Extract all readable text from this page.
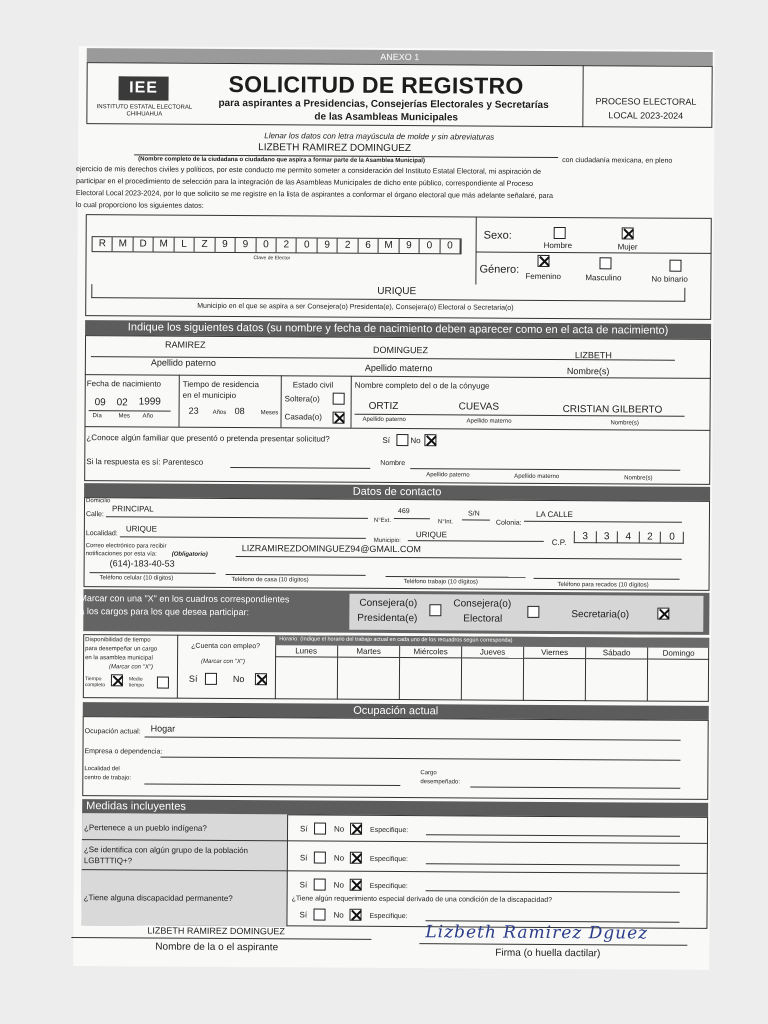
ANEXO 1
IEE
INSTITUTO ESTATAL ELECTORAL CHIHUAHUA
SOLICITUD DE REGISTRO
para aspirantes a Presidencias, Consejerías Electorales y Secretarías
de las Asambleas Municipales
PROCESO ELECTORAL
LOCAL 2023-2024
Llenar los datos con letra mayúscula de molde y sin abreviaturas
LIZBETH RAMIREZ DOMINGUEZ
(Nombre completo de la ciudadana o ciudadano que aspira a formar parte de la Asamblea Municipal)	con ciudadanía mexicana, en pleno
ejercicio de mis derechos civiles y políticos, por este conducto me permito someter a consideración del Instituto Estatal Electoral, mi aspiración de
participar en el procedimiento de selección para la integración de las Asambleas Municipales de dicho ente público, correspondiente al Proceso
Electoral Local 2023-2024, por lo que solicito se me registre en la lista de aspirantes a conformar el órgano electoral que más adelante señalaré, para
lo cual proporciono los siguientes datos:
R	M	D	M	L	Z	9	9	0	2	0	9	2	6	M	9	0	0
Clave de Elector
Sexo:
Hombre	Mujer
Género:
Femenino	Masculino	No binario
URIQUE
Municipio en el que se aspira a ser Consejera(o) Presidenta(e), Consejera(o) Electoral o Secretaria(o)
Indique los siguientes datos (su nombre y fecha de nacimiento deben aparecer como en el acta de nacimiento)
RAMIREZ
DOMINGUEZ
LIZBETH
Apellido paterno
Apellido materno	Nombre(s)
Fecha de nacimiento
09 02 1999
Día	Mes Año
Tiempo de residencia
en el municipio
23 Años 08	Meses
Estado civil
Soltera(o)
Casada(o)
Nombre completo del o de la cónyuge
ORTIZ	CUEVAS	CRISTIAN GILBERTO
Apellido paterno	Apellido materno	Nombre(s)
¿Conoce algún familiar que presentó o pretenda presentar solicitud?	Sí	No
Si la respuesta es sí: Parentesco	Nombre
Apellido paterno	Apellido materno	Nombre(s)
Datos de contacto
Domicilio
Calle:
PRINCIPAL
N°Ext.
469
N°Int.
S/N
Colonia:
LA CALLE
Localidad:
URIQUE
Municipio:
URIQUE
C.P.
3	3	4	2	0
Correo electrónico para recibir
notificaciones por esta vía: (Obligatorio)
LIZRAMIREZDOMINGUEZ94@GMAIL.COM
(614)-183-40-53
Teléfono celular (10 dígitos)	Teléfono de casa (10 dígitos)	Teléfono trabajo (10 dígitos)	Teléfono para recados (10 dígitos)
Marcar con una "X" en los cuadros correspondientes
a los cargos para los que desea participar:
Consejera(o)
Presidenta(e)
Consejera(o)
Electoral	Secretaria(o)
Disponibilidad de tiempo
para desempeñar un cargo
en la asamblea municipal
(Marcar con "X")
Tiempo completo
Medio tiempo
¿Cuenta con empleo?
(Marcar con "X")
Sí	No
Horario: (Indique el horario del trabajo actual en cada uno de los recuadros según corresponda)
Lunes	Martes	Miércoles	Jueves	Viernes	Sábado	Domingo
Ocupación actual
Ocupación actual: Hogar
Empresa o dependencia:
Localidad del
centro de trabajo:
Cargo
desempeñado:
Medidas incluyentes
¿Pertenece a un pueblo indígena?	Sí	No	Especifique:
¿Se identifica con algún grupo de la población
LGBTTTIQ+?	Sí	No	Especifique:
¿Tiene alguna discapacidad permanente?
Sí	No	Especifique:
¿Tiene algún requerimiento especial derivado de una condición de la discapacidad?
Sí	No	Especifique:
LIZBETH RAMIREZ DOMINGUEZ
Nombre de la o el aspirante
Lizbeth Ramirez Dguez
Firma (o huella dactilar)
